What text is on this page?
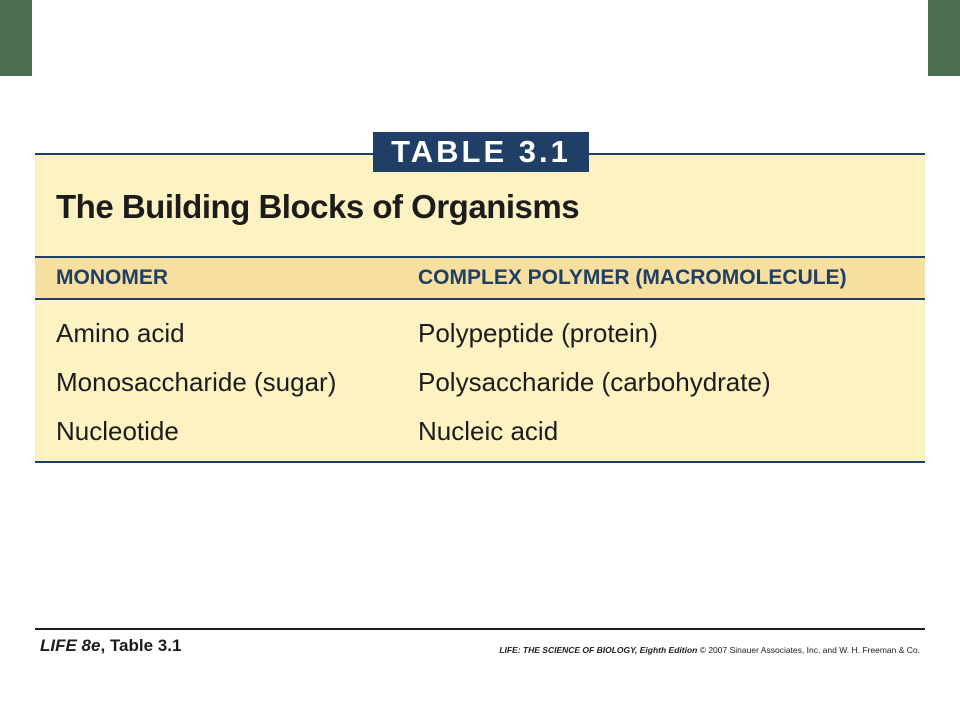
TABLE 3.1
The Building Blocks of Organisms
MONOMER	COMPLEX POLYMER (MACROMOLECULE)
Amino acid	Polypeptide (protein)
Monosaccharide (sugar)	Polysaccharide (carbohydrate)
Nucleotide	Nucleic acid
LIFE 8e, Table 3.1	LIFE: THE SCIENCE OF BIOLOGY, Eighth Edition © 2007 Sinauer Associates, Inc. and W. H. Freeman & Co.
